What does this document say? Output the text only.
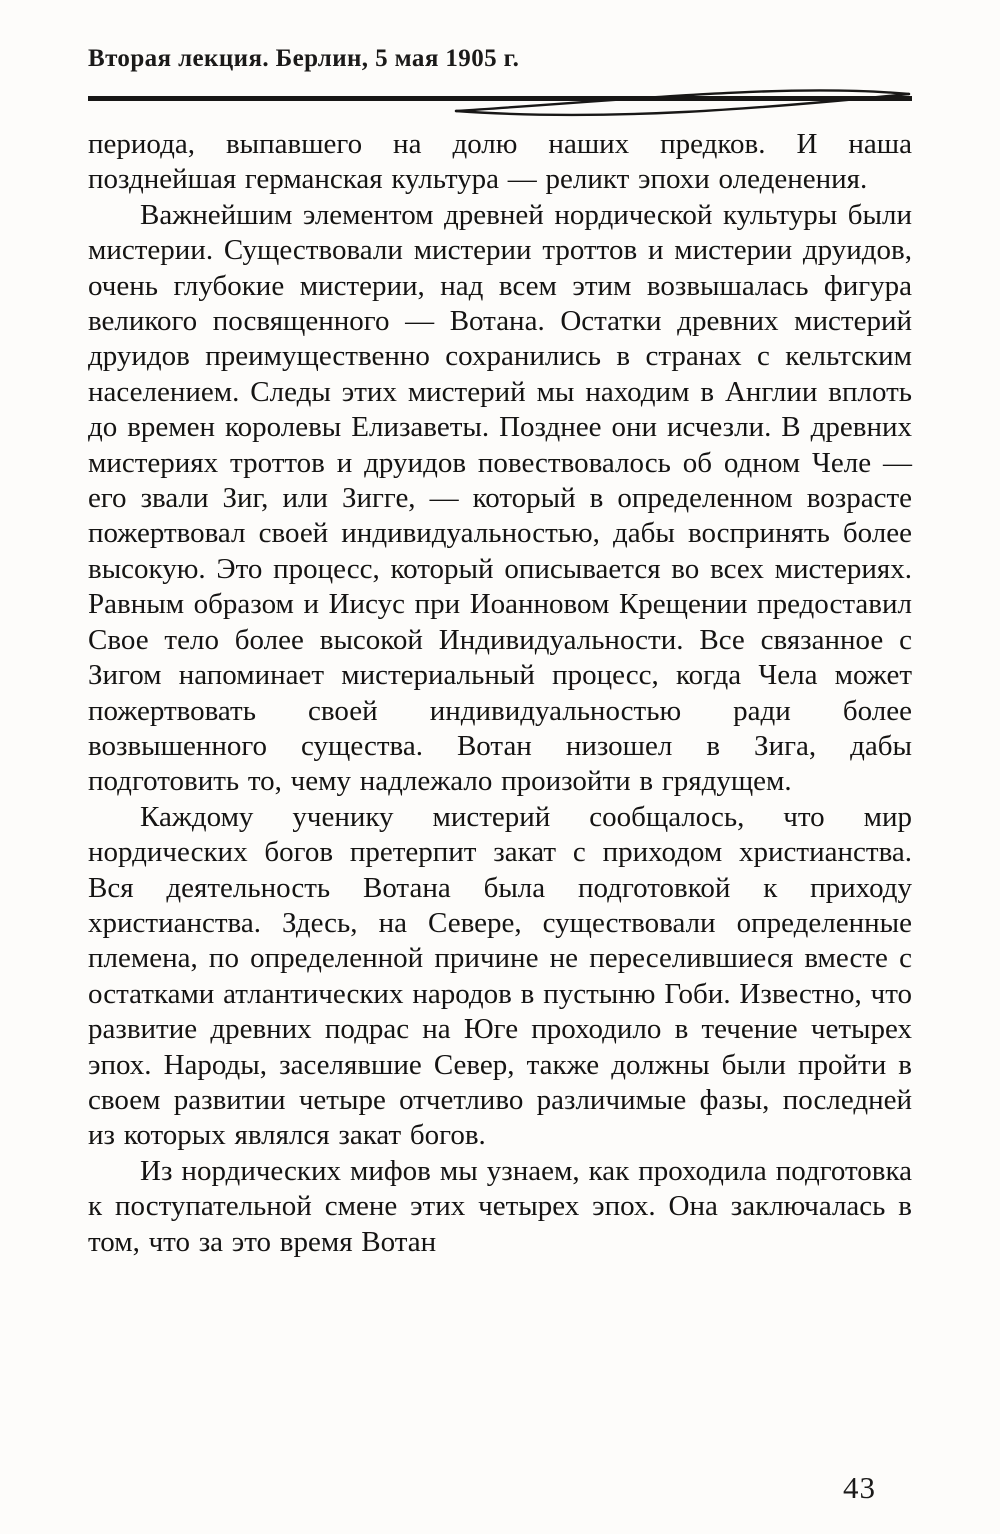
Вторая лекция. Берлин, 5 мая 1905 г.

периода, выпавшего на долю наших предков. И наша позднейшая германская культура — реликт эпохи оледенения.

Важнейшим элементом древней нордической культуры были мистерии. Существовали мистерии троттов и мистерии друидов, очень глубокие мистерии, над всем этим возвышалась фигура великого посвященного — Вотана. Остатки древних мистерий друидов преимущественно сохранились в странах с кельтским населением. Следы этих мистерий мы находим в Англии вплоть до времен королевы Елизаветы. Позднее они исчезли. В древних мистериях троттов и друидов повествовалось об одном Челе — его звали Зиг, или Зигге, — который в определенном возрасте пожертвовал своей индивидуальностью, дабы воспринять более высокую. Это процесс, который описывается во всех мистериях. Равным образом и Иисус при Иоанновом Крещении предоставил Свое тело более высокой Индивидуальности. Все связанное с Зигом напоминает мистериальный процесс, когда Чела может пожертвовать своей индивидуальностью ради более возвышенного существа. Вотан низошел в Зига, дабы подготовить то, чему надлежало произойти в грядущем.

Каждому ученику мистерий сообщалось, что мир нордических богов претерпит закат с приходом христианства. Вся деятельность Вотана была подготовкой к приходу христианства. Здесь, на Севере, существовали определенные племена, по определенной причине не переселившиеся вместе с остатками атлантических народов в пустыню Гоби. Известно, что развитие древних подрас на Юге проходило в течение четырех эпох. Народы, заселявшие Север, также должны были пройти в своем развитии четыре отчетливо различимые фазы, последней из которых являлся закат богов.

Из нордических мифов мы узнаем, как проходила подготовка к поступательной смене этих четырех эпох. Она заключалась в том, что за это время Вотан

43
